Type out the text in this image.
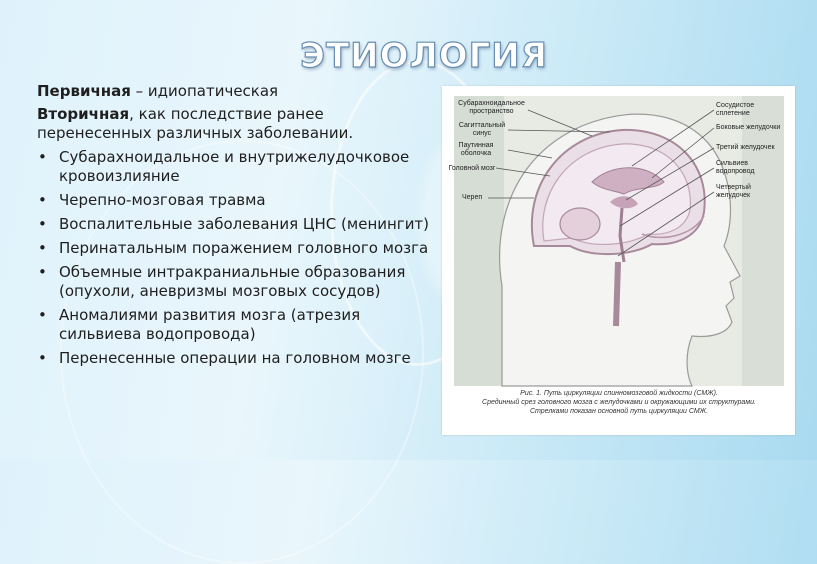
ЭТИОЛОГИЯ
Первичная – идиопатическая
Вторичная, как последствие ранее перенесенных различных заболевании.
• Субарахноидальное и внутрижелудочковое кровоизлияние
• Черепно-мозговая травма
• Воспалительные заболевания ЦНС (менингит)
• Перинатальным поражением головного мозга
• Объемные интракраниальные образования (опухоли, аневризмы мозговых сосудов)
• Аномалиями развития мозга (атрезия сильвиева водопровода)
• Перенесенные операции на головном мозге
Субарахноидальное пространство
Сагиттальный синус
Паутинная оболочка
Головной мозг
Череп
Сосудистое сплетение
Боковые желудочки
Третий желудочек
Сильвиев водопровод
Четвертый желудочек
Рис. 1. Путь циркуляции спинномозговой жидкости (СМЖ).
Срединный срез головного мозга с желудочками и окружающими их структурами.
Стрелками показан основной путь циркуляции СМЖ.
